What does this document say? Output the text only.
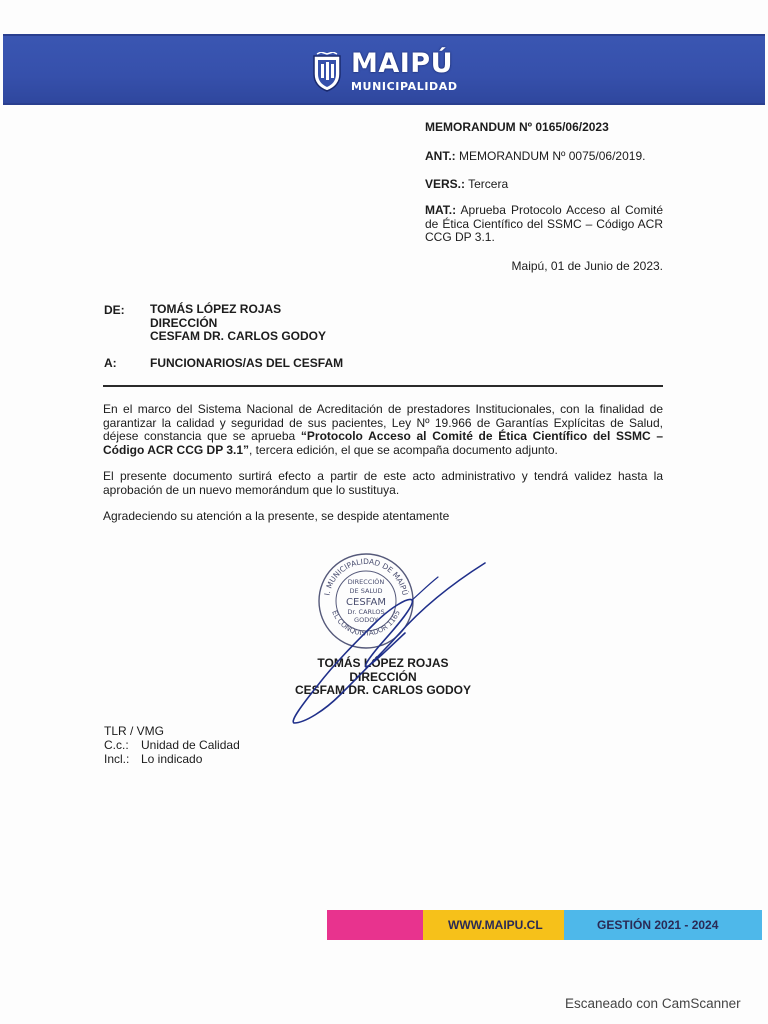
MAIPÚ
MUNICIPALIDAD
MEMORANDUM Nº 0165/06/2023
ANT.: MEMORANDUM Nº 0075/06/2019.
VERS.: Tercera
MAT.: Aprueba Protocolo Acceso al Comité de Ética Científico del SSMC – Código ACR CCG DP 3.1.
Maipú, 01 de Junio de 2023.
DE: TOMÁS LÓPEZ ROJAS
DIRECCIÓN
CESFAM DR. CARLOS GODOY
A:	FUNCIONARIOS/AS DEL CESFAM
En el marco del Sistema Nacional de Acreditación de prestadores Institucionales, con la finalidad de garantizar la calidad y seguridad de sus pacientes, Ley Nº 19.966 de Garantías Explícitas de Salud, déjese constancia que se aprueba “Protocolo Acceso al Comité de Ética Científico del SSMC – Código ACR CCG DP 3.1”, tercera edición, el que se acompaña documento adjunto.
El presente documento surtirá efecto a partir de este acto administrativo y tendrá validez hasta la aprobación de un nuevo memorándum que lo sustituya.
Agradeciendo su atención a la presente, se despide atentamente
I. MUNICIPALIDAD DE MAIPÚ
EL CONQUISTADOR 1165
DIRECCIÓN
DE SALUD
CESFAM
Dr. CARLOS
GODOY
TOMÁS LÓPEZ ROJAS
DIRECCIÓN
CESFAM DR. CARLOS GODOY
TLR / VMG
C.c.: Unidad de Calidad
Incl.: Lo indicado
WWW.MAIPU.CL	GESTIÓN 2021 - 2024
Escaneado con CamScanner
